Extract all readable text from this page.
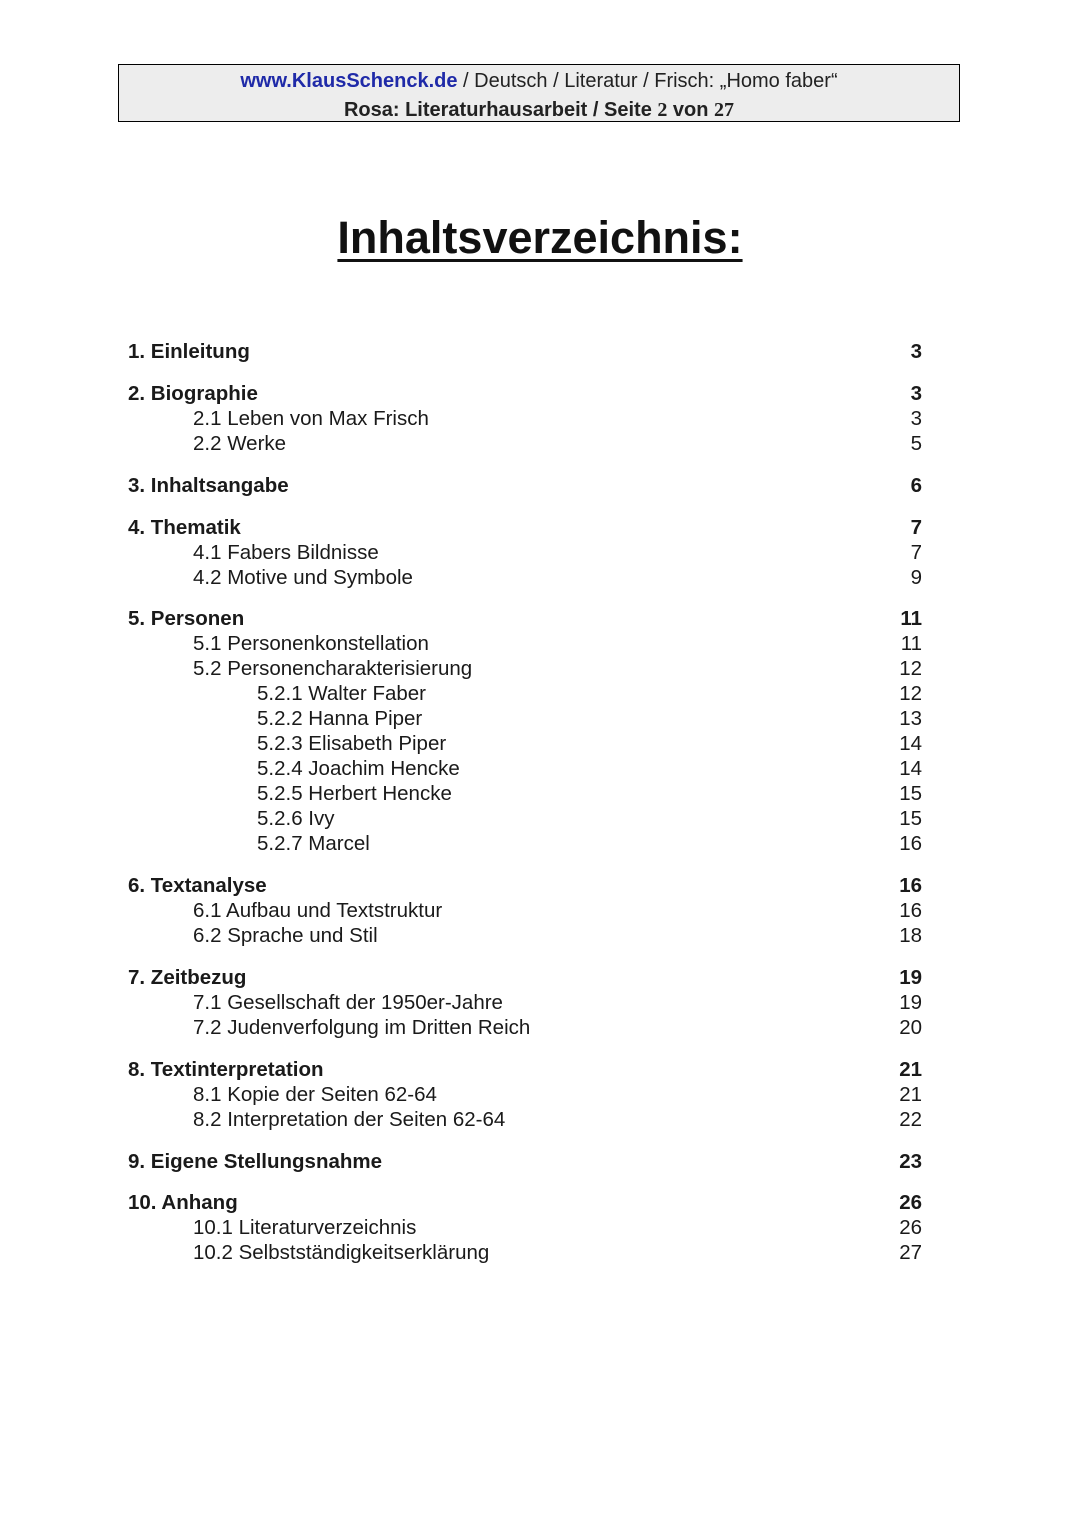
www.KlausSchenck.de / Deutsch / Literatur / Frisch: „Homo faber“
Rosa: Literaturhausarbeit / Seite 2 von 27
Inhaltsverzeichnis:
1. Einleitung	3
2. Biographie	3
2.1 Leben von Max Frisch	3
2.2 Werke	5
3. Inhaltsangabe	6
4. Thematik	7
4.1 Fabers Bildnisse	7
4.2 Motive und Symbole	9
5. Personen	11
5.1 Personenkonstellation	11
5.2 Personencharakterisierung	12
5.2.1 Walter Faber	12
5.2.2 Hanna Piper	13
5.2.3 Elisabeth Piper	14
5.2.4 Joachim Hencke	14
5.2.5 Herbert Hencke	15
5.2.6 Ivy	15
5.2.7 Marcel	16
6. Textanalyse	16
6.1 Aufbau und Textstruktur	16
6.2 Sprache und Stil	18
7. Zeitbezug	19
7.1 Gesellschaft der 1950er-Jahre	19
7.2 Judenverfolgung im Dritten Reich	20
8. Textinterpretation	21
8.1 Kopie der Seiten 62-64	21
8.2 Interpretation der Seiten 62-64	22
9. Eigene Stellungsnahme	23
10. Anhang	26
10.1 Literaturverzeichnis	26
10.2 Selbstständigkeitserklärung	27
